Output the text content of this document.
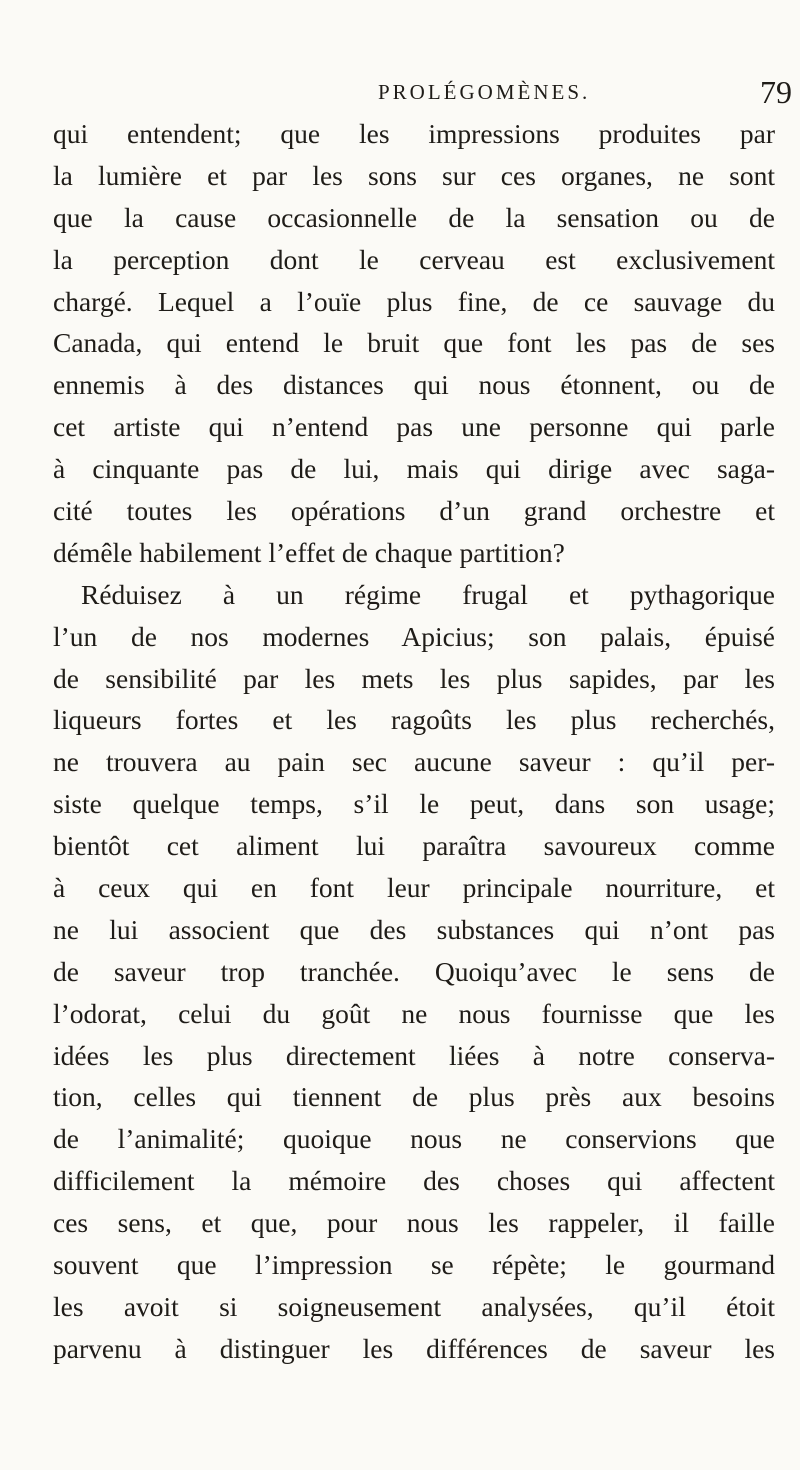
PROLÉGOMÈNES.	79
qui entendent; que les impressions produites par
la lumière et par les sons sur ces organes, ne sont
que la cause occasionnelle de la sensation ou de
la perception dont le cerveau est exclusivement
chargé. Lequel a l’ouïe plus fine, de ce sauvage du
Canada, qui entend le bruit que font les pas de ses
ennemis à des distances qui nous étonnent, ou de
cet artiste qui n’entend pas une personne qui parle
à cinquante pas de lui, mais qui dirige avec saga-
cité toutes les opérations d’un grand orchestre et
démêle habilement l’effet de chaque partition?
Réduisez à un régime frugal et pythagorique
l’un de nos modernes Apicius; son palais, épuisé
de sensibilité par les mets les plus sapides, par les
liqueurs fortes et les ragoûts les plus recherchés,
ne trouvera au pain sec aucune saveur : qu’il per-
siste quelque temps, s’il le peut, dans son usage;
bientôt cet aliment lui paraîtra savoureux comme
à ceux qui en font leur principale nourriture, et
ne lui associent que des substances qui n’ont pas
de saveur trop tranchée. Quoiqu’avec le sens de
l’odorat, celui du goût ne nous fournisse que les
idées les plus directement liées à notre conserva-
tion, celles qui tiennent de plus près aux besoins
de l’animalité; quoique nous ne conservions que
difficilement la mémoire des choses qui affectent
ces sens, et que, pour nous les rappeler, il faille
souvent que l’impression se répète; le gourmand
les avoit si soigneusement analysées, qu’il étoit
parvenu à distinguer les différences de saveur les
